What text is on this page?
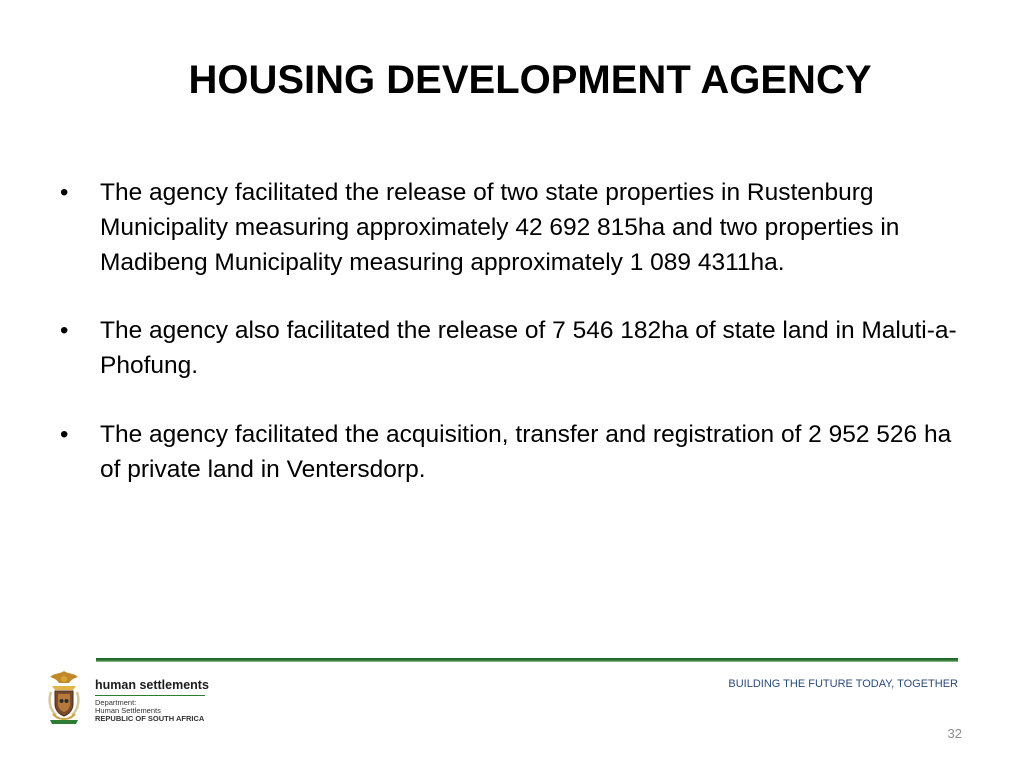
HOUSING DEVELOPMENT AGENCY
• The agency facilitated the release of two state properties in Rustenburg Municipality measuring approximately 42 692 815ha and two properties in Madibeng Municipality measuring approximately 1 089 4311ha.
• The agency also facilitated the release of 7 546 182ha of state land in Maluti-a-Phofung.
• The agency facilitated the acquisition, transfer and registration of 2 952 526 ha of private land in Ventersdorp.
human settlements
Department:
Human Settlements
REPUBLIC OF SOUTH AFRICA
BUILDING THE FUTURE TODAY, TOGETHER
32
